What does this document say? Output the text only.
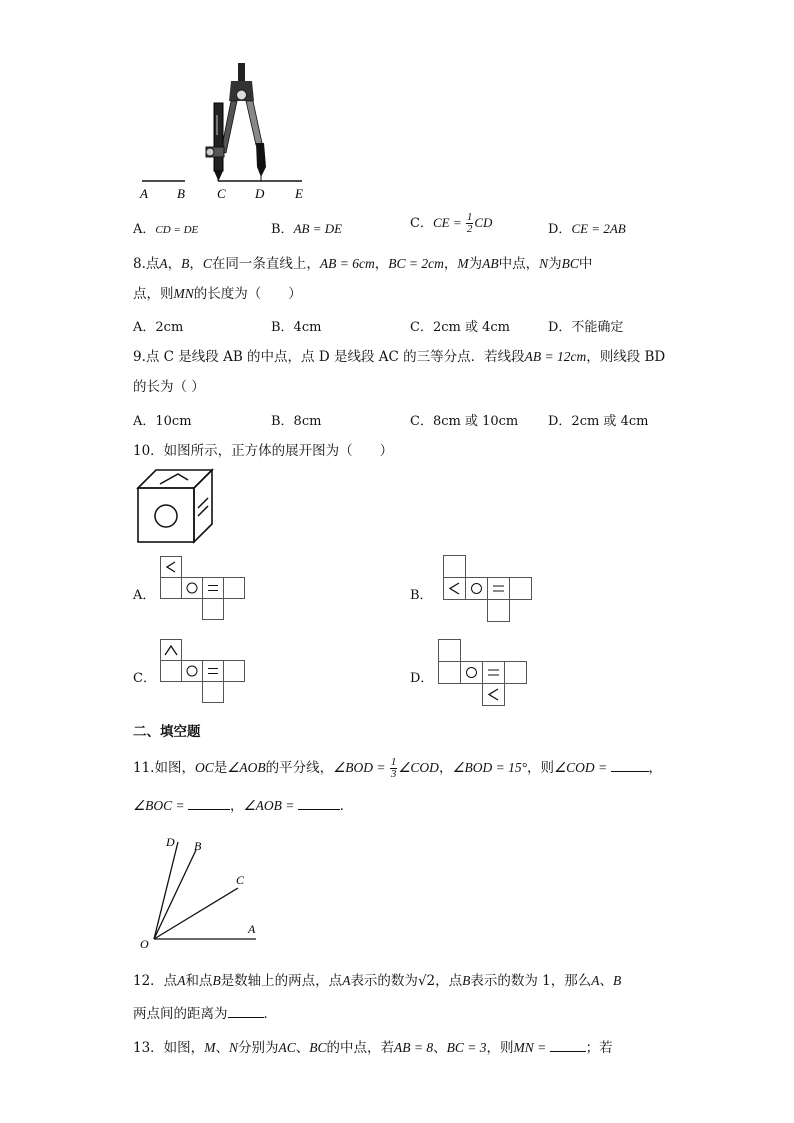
A B C D E
A．CD = DE	B．AB = DE	C．CE = $\frac{1}{2}$ CD	D．CE = 2AB
8.点A，B，C在同一条直线上，AB = 6cm，BC = 2cm，M为AB中点，N为BC中
点，则MN的长度为（　　）
A．2cm	B．4cm	C．2cm 或 4cm	D．不能确定
9.点 C 是线段 AB 的中点，点 D 是线段 AC 的三等分点．若线段AB = 12cm，则线段 BD
的长为（ ）
A．10cm	B．8cm	C．8cm 或 10cm D．2cm 或 4cm
10．如图所示，正方体的展开图为（　　）
A．	B．
C．	D．
二、填空题
11.如图，OC是∠AOB的平分线，∠BOD = $\frac{1}{3}$ ∠COD，∠BOD = 15°，则∠COD =	，
∠BOC =	，∠AOB =	．
D B
C
A
O
12．点A和点B是数轴上的两点，点A表示的数为√2，点B表示的数为 1，那么A、B
两点间的距离为	．
13．如图，M、N分别为AC、BC的中点，若AB = 8、BC = 3，则MN =	；若
